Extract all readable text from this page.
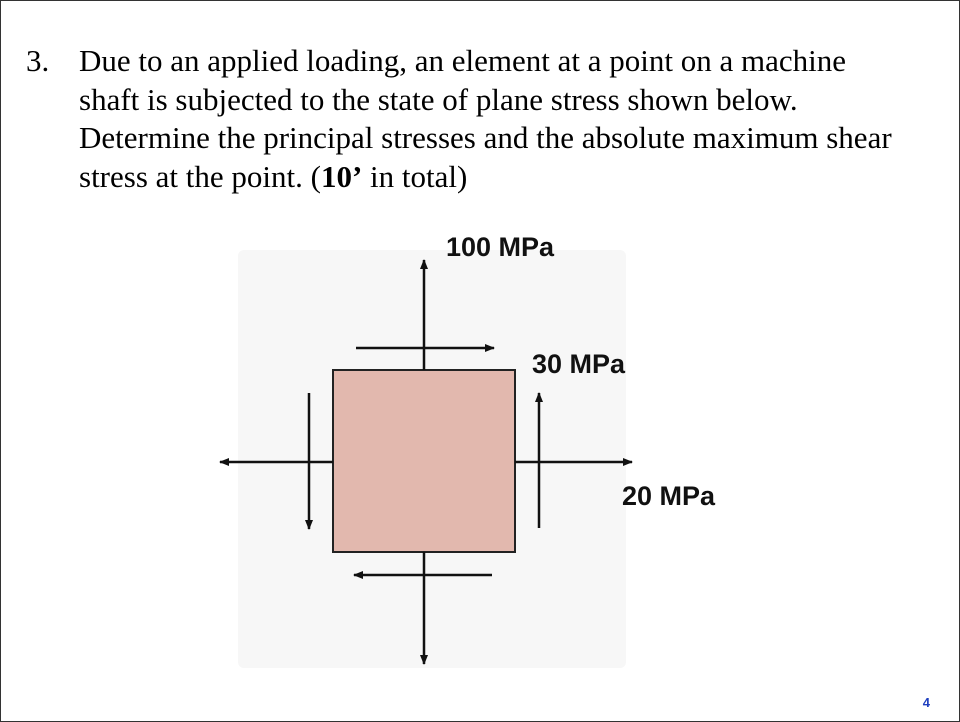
3. Due to an applied loading, an element at a point on a machine
shaft is subjected to the state of plane stress shown below.
Determine the principal stresses and the absolute maximum shear
stress at the point. (10’ in total)
100 MPa
30 MPa
20 MPa
4
